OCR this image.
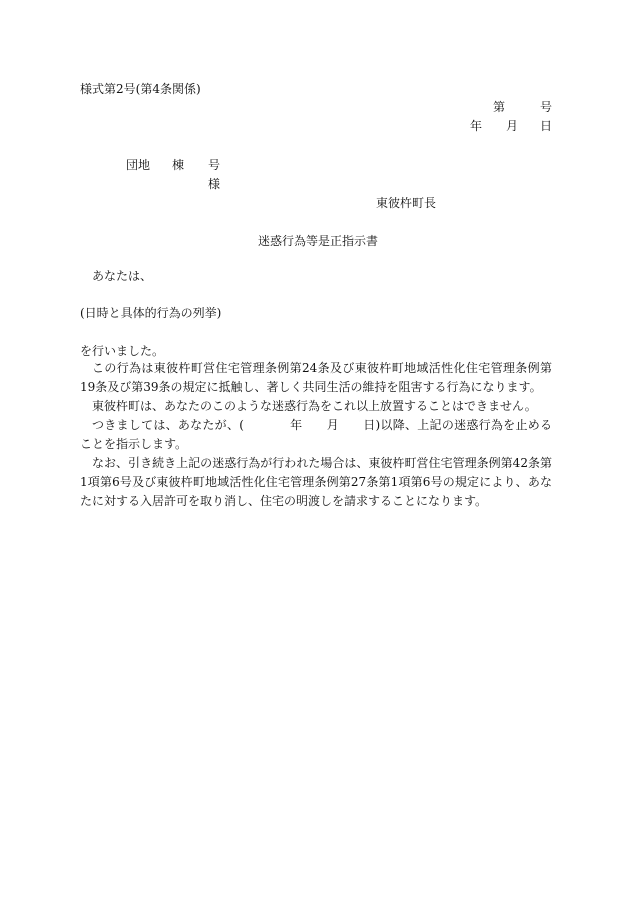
様式第2号(第4条関係)
第	号
年 月 日
団地 棟 号
様
東彼杵町長
迷惑行為等是正指示書
あなたは、
(日時と具体的行為の列挙)
を行いました。
この行為は東彼杵町営住宅管理条例第24条及び東彼杵町地域活性化住宅管理条例第19条及び第39条の規定に抵触し、著しく共同生活の維持を阻害する行為になります。
東彼杵町は、あなたのこのような迷惑行為をこれ以上放置することはできません。
つきましては、あなたが、(	年 月 日)以降、上記の迷惑行為を止めることを指示します。
なお、引き続き上記の迷惑行為が行われた場合は、東彼杵町営住宅管理条例第42条第1項第6号及び東彼杵町地域活性化住宅管理条例第27条第1項第6号の規定により、あなたに対する入居許可を取り消し、住宅の明渡しを請求することになります。
